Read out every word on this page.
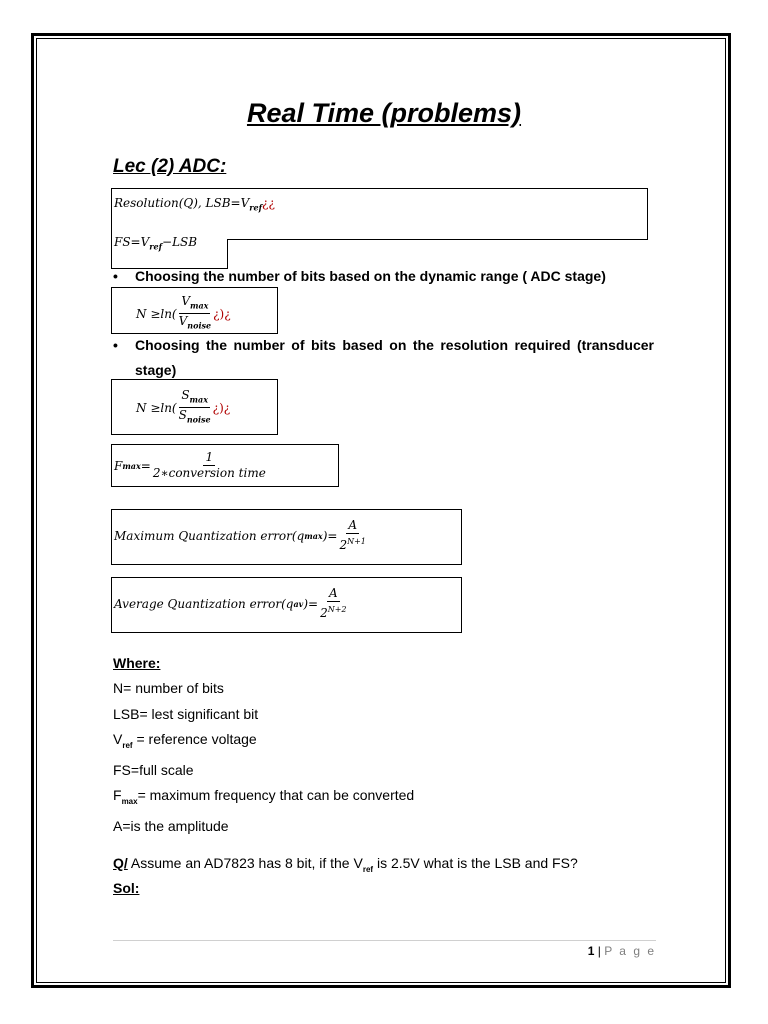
Real Time (problems)
Lec (2) ADC:
Resolution(Q), $LSB=V_{ref}¿¿$
$FS=V_{ref}-LSB$
• Choosing the number of bits based on the dynamic range ( ADC stage)
$N \ge\ln( \frac{V_{max}}{V_{noise}}$ ¿)¿
• Choosing the number of bits based on the resolution required (transducer stage)
$N \ge\ln( \frac{S_{max}}{S_{noise}}$ ¿)¿
F $\max = \frac{1}{\text{2∗conversion time}}$
Maximum Quantization error ( q max ) = $\frac{A}{2^{N+1}}$
Average Quantization error ( q av ) = $\frac{A}{2^{N+2}}$
Where:
N= number of bits
LSB= lest significant bit
$V_{ref}$ = reference voltage
FS=full scale
$F_{max}=$ maximum frequency that can be converted
A=is the amplitude
Q/ Assume an AD7823 has 8 bit, if the $V_{ref}$ is 2.5V what is the LSB and FS?
Sol:
1 | P a g e
